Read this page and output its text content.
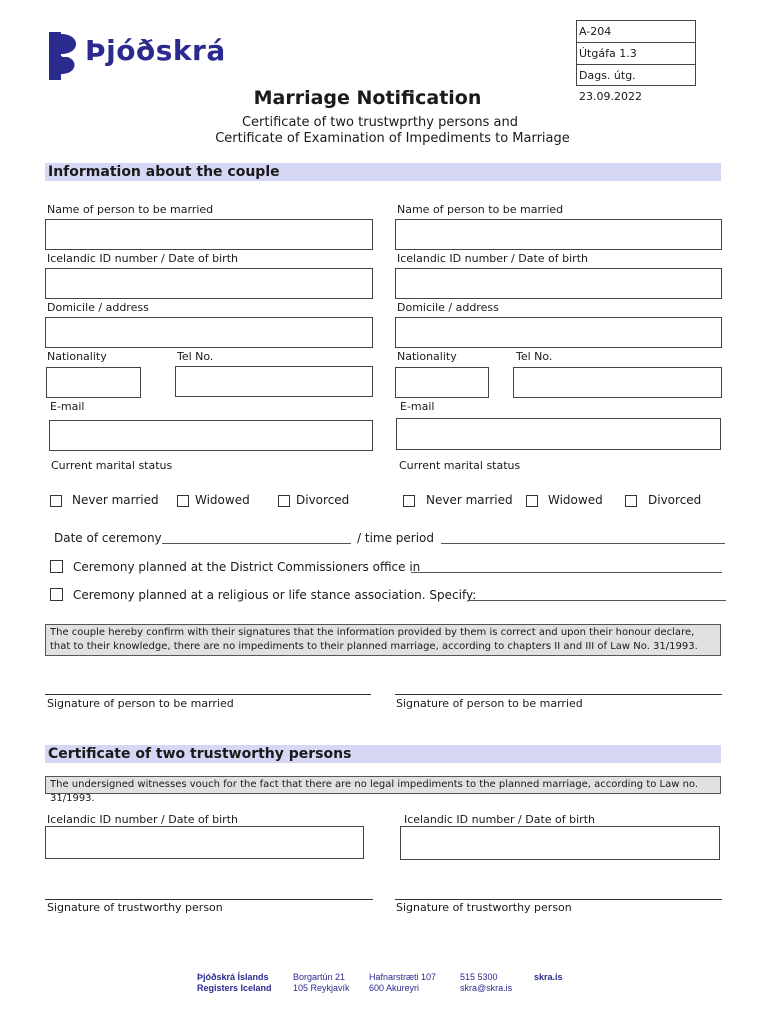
Þjóðskrá
A-204
Útgáfa 1.3
Dags. útg. 23.09.2022
Marriage Notification
Certificate of two trustwprthy persons and
Certificate of Examination of Impediments to Marriage
Information about the couple
Name of person to be married
Icelandic ID number / Date of birth
Domicile / address
Nationality	Tel No.
E-mail
Current marital status
Never married	Widowed	Divorced
Name of person to be married
Icelandic ID number / Date of birth
Domicile / address
Nationality	Tel No.
E-mail
Current marital status
Never married	Widowed	Divorced
Date of ceremony	/ time period
Ceremony planned at the District Commissioners office in
Ceremony planned at a religious or life stance association. Specify:
The couple hereby confirm with their signatures that the information provided by them is correct and upon their honour declare, that to their knowledge, there are no impediments to their planned marriage, according to chapters II and III of Law No. 31/1993.
Signature of person to be married	Signature of person to be married
Certificate of two trustworthy persons
The undersigned witnesses vouch for the fact that there are no legal impediments to the planned marriage, according to Law no. 31/1993.
Icelandic ID number / Date of birth	Icelandic ID number / Date of birth
Signature of trustworthy person	Signature of trustworthy person
Þjóðskrá Íslands
Registers Iceland
Borgartún 21
105 Reykjavík
Hafnarstræti 107
600 Akureyri
515 5300
skra@skra.is
skra.is
